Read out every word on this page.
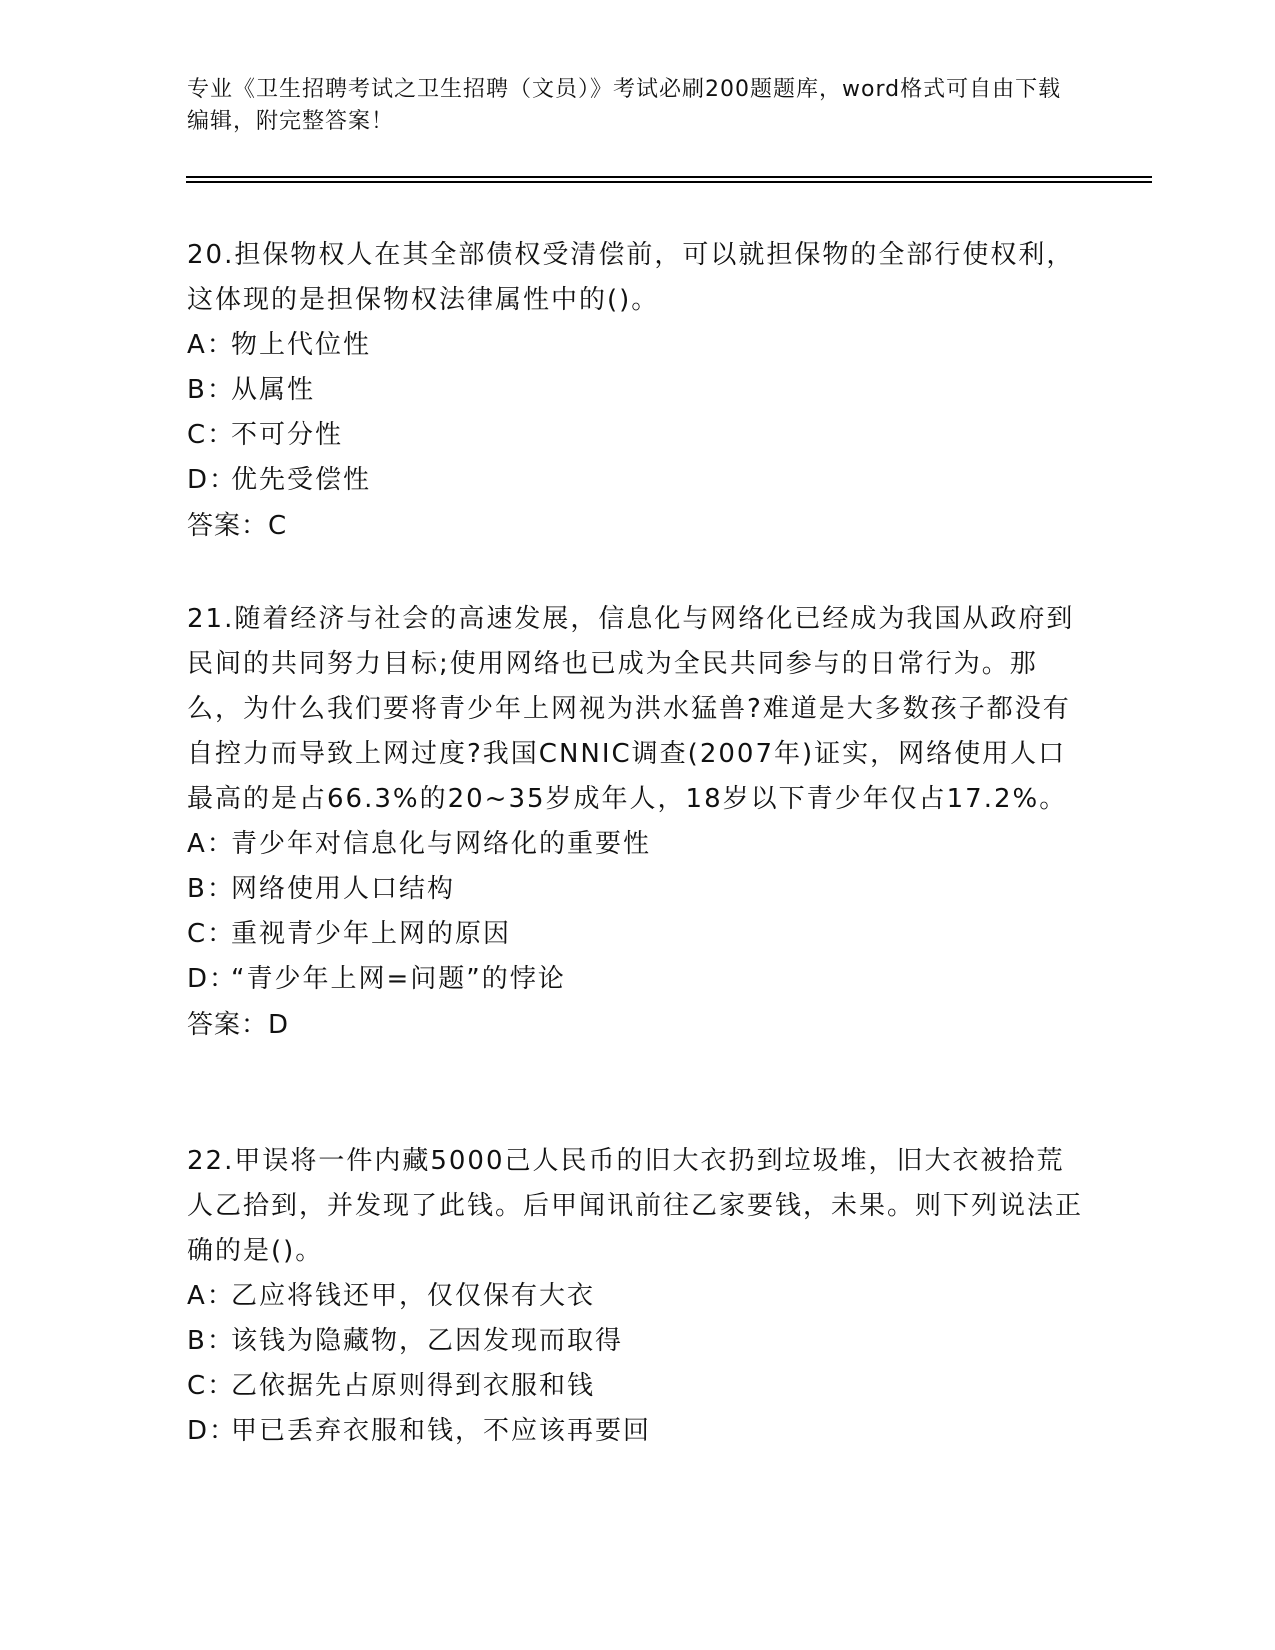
专业《卫生招聘考试之卫生招聘（文员）》考试必刷200题题库，word格式可自由下载编辑，附完整答案！

20.担保物权人在其全部债权受清偿前，可以就担保物的全部行使权利，这体现的是担保物权法律属性中的()。

A：物上代位性

B：从属性

C：不可分性

D：优先受偿性

答案：C

21.随着经济与社会的高速发展，信息化与网络化已经成为我国从政府到民间的共同努力目标;使用网络也已成为全民共同参与的日常行为。那么，为什么我们要将青少年上网视为洪水猛兽?难道是大多数孩子都没有自控力而导致上网过度?我国CNNIC调查(2007年)证实，网络使用人口最高的是占66.3%的20~35岁成年人，18岁以下青少年仅占17.2%。

A：青少年对信息化与网络化的重要性

B：网络使用人口结构

C：重视青少年上网的原因

D：“青少年上网=问题”的悖论

答案：D

22.甲误将一件内藏5000己人民币的旧大衣扔到垃圾堆，旧大衣被拾荒人乙拾到，并发现了此钱。后甲闻讯前往乙家要钱，未果。则下列说法正确的是()。

A：乙应将钱还甲，仅仅保有大衣

B：该钱为隐藏物，乙因发现而取得

C：乙依据先占原则得到衣服和钱

D：甲已丢弃衣服和钱，不应该再要回
